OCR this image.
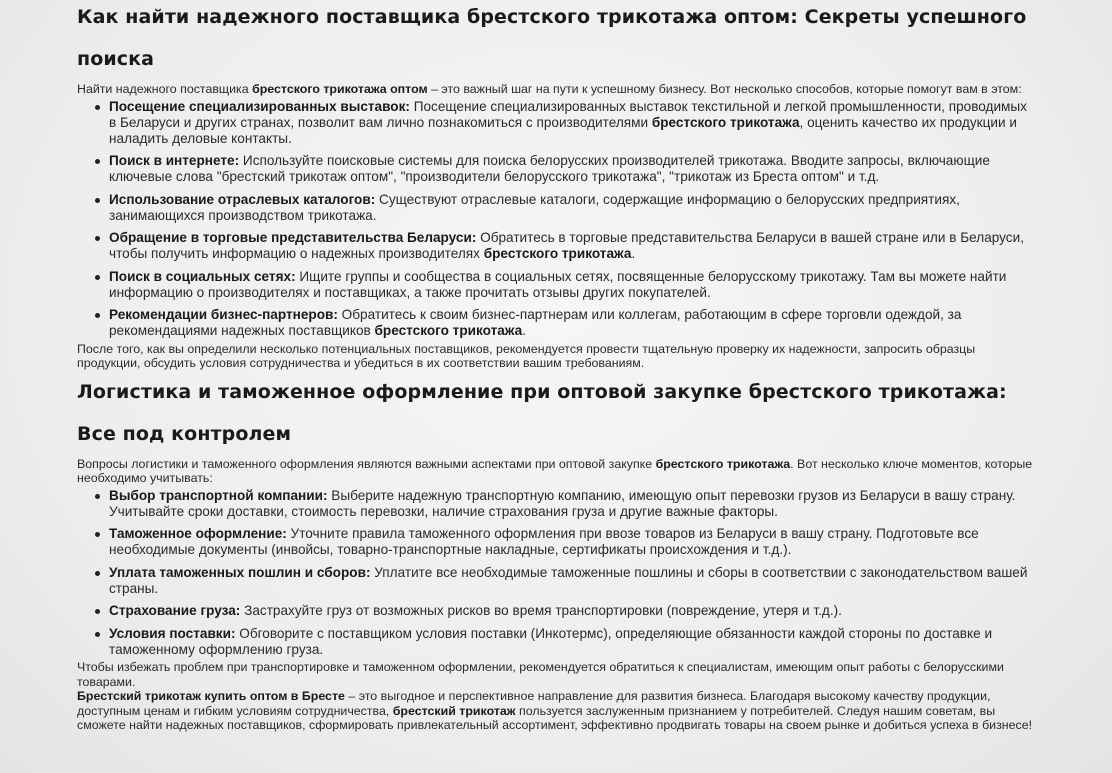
Как найти надежного поставщика брестского трикотажа оптом: Секреты успешного поиска

Найти надежного поставщика брестского трикотажа оптом – это важный шаг на пути к успешному бизнесу. Вот несколько способов, которые помогут вам в этом:

Посещение специализированных выставок: Посещение специализированных выставок текстильной и легкой промышленности, проводимых в Беларуси и других странах, позволит вам лично познакомиться с производителями брестского трикотажа, оценить качество их продукции и наладить деловые контакты.
Поиск в интернете: Используйте поисковые системы для поиска белорусских производителей трикотажа. Вводите запросы, включающие ключевые слова "брестский трикотаж оптом", "производители белорусского трикотажа", "трикотаж из Бреста оптом" и т.д.
Использование отраслевых каталогов: Существуют отраслевые каталоги, содержащие информацию о белорусских предприятиях, занимающихся производством трикотажа.
Обращение в торговые представительства Беларуси: Обратитесь в торговые представительства Беларуси в вашей стране или в Беларуси, чтобы получить информацию о надежных производителях брестского трикотажа.
Поиск в социальных сетях: Ищите группы и сообщества в социальных сетях, посвященные белорусскому трикотажу. Там вы можете найти информацию о производителях и поставщиках, а также прочитать отзывы других покупателей.
Рекомендации бизнес-партнеров: Обратитесь к своим бизнес-партнерам или коллегам, работающим в сфере торговли одеждой, за рекомендациями надежных поставщиков брестского трикотажа.

После того, как вы определили несколько потенциальных поставщиков, рекомендуется провести тщательную проверку их надежности, запросить образцы продукции, обсудить условия сотрудничества и убедиться в их соответствии вашим требованиям.

Логистика и таможенное оформление при оптовой закупке брестского трикотажа: Все под контролем

Вопросы логистики и таможенного оформления являются важными аспектами при оптовой закупке брестского трикотажа. Вот несколько ключе моментов, которые необходимо учитывать:

Выбор транспортной компании: Выберите надежную транспортную компанию, имеющую опыт перевозки грузов из Беларуси в вашу страну. Учитывайте сроки доставки, стоимость перевозки, наличие страхования груза и другие важные факторы.
Таможенное оформление: Уточните правила таможенного оформления при ввозе товаров из Беларуси в вашу страну. Подготовьте все необходимые документы (инвойсы, товарно-транспортные накладные, сертификаты происхождения и т.д.).
Уплата таможенных пошлин и сборов: Уплатите все необходимые таможенные пошлины и сборы в соответствии с законодательством вашей страны.
Страхование груза: Застрахуйте груз от возможных рисков во время транспортировки (повреждение, утеря и т.д.).
Условия поставки: Обговорите с поставщиком условия поставки (Инкотермс), определяющие обязанности каждой стороны по доставке и таможенному оформлению груза.

Чтобы избежать проблем при транспортировке и таможенном оформлении, рекомендуется обратиться к специалистам, имеющим опыт работы с белорусскими товарами.

Брестский трикотаж купить оптом в Бресте – это выгодное и перспективное направление для развития бизнеса. Благодаря высокому качеству продукции, доступным ценам и гибким условиям сотрудничества, брестский трикотаж пользуется заслуженным признанием у потребителей. Следуя нашим советам, вы сможете найти надежных поставщиков, сформировать привлекательный ассортимент, эффективно продвигать товары на своем рынке и добиться успеха в бизнесе!
